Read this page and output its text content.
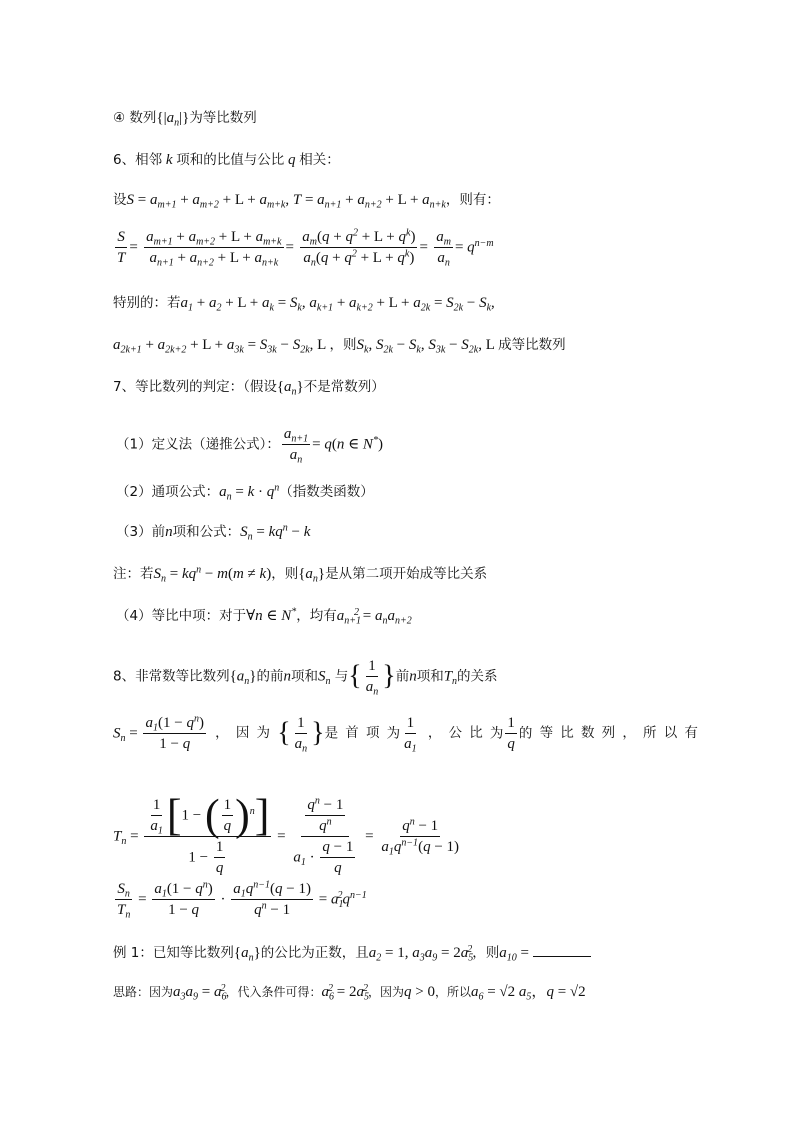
④ 数列$\{|a_n|\}$为等比数列
6、相邻 k 项和的比值与公比 q 相关：
设$S = a_{m+1} + a_{m+2} + L + a_{m+k}$, $T = a_{n+1} + a_{n+2} + L + a_{n+k}$，则有：
$\frac{S}{T} = \frac{a_{m+1} + a_{m+2} + L + a_{m+k}}{a_{n+1} + a_{n+2} + L + a_{n+k}} = \frac{a_m(q + q^2 + L + q^k)}{a_n(q + q^2 + L + q^k)} = \frac{a_m}{a_n} = q^{n-m}$
特别的：若$a_1 + a_2 + L + a_k = S_k$, $a_{k+1} + a_{k+2} + L + a_{2k} = S_{2k} - S_k$,
$a_{2k+1} + a_{2k+2} + L + a_{3k} = S_{3k} - S_{2k}$, L ，则$S_k$, $S_{2k} - S_k$, $S_{3k} - S_{2k}$, L 成等比数列
7、等比数列的判定：（假设$\{a_n\}$不是常数列）
（1）定义法（递推公式）： $\frac{a_{n+1}}{a_n} = q(n$ ∈ N*)
（2）通项公式：$a_n = k \cdot q^n$（指数类函数）
（3）前n项和公式：$S_n = kq^n - k$
注：若$S_n = kq^n - m(m \ne k)$，则$\{a_n\}$是从第二项开始成等比关系
（4）等比中项：对于∀n ∈ N*，均有$a_{n+1}^2 = a_na_{n+2}$
8、非常数等比数列$\{a_n\}$的前n项和$S_n$ 与{ $\frac{1}{a_n}$ }前n项和$T_n$的关系
$S_n = \frac{a_1(1 - q^n)}{1 - q}$ ， 因 为 { $\frac{1}{a_n}$ }是 首 项 为 $\frac{1}{a_1}$ ， 公 比 为 $\frac{1}{q}$ 的 等 比 数 列 ， 所 以 有
$T_n = \frac{\frac{1}{a_1} [1 - ( \frac{1}{q} )^n]}{1 - \frac{1}{q}} = \frac{\frac{q^n - 1}{q^n}}{a_1 \cdot \frac{q - 1}{q}} = \frac{q^n - 1}{a_1q^{n-1}(q - 1)}$
$\frac{S_n}{T_n} = \frac{a_1(1 - q^n)}{1 - q} \cdot \frac{a_1q^{n-1}(q - 1)}{q^n - 1} = a_1^2q^{n-1}$
例 1：已知等比数列$\{a_n\}$的公比为正数，且$a_2 = 1$, $a_3a_9 = 2a_5^2$，则$a_{10}$ =
思路：因为$a_3a_9 = a_6^2$，代入条件可得：$a_6^2 = 2a_5^2$，因为q > 0，所以$a_6 = √2$ $a_5$，q = √2
